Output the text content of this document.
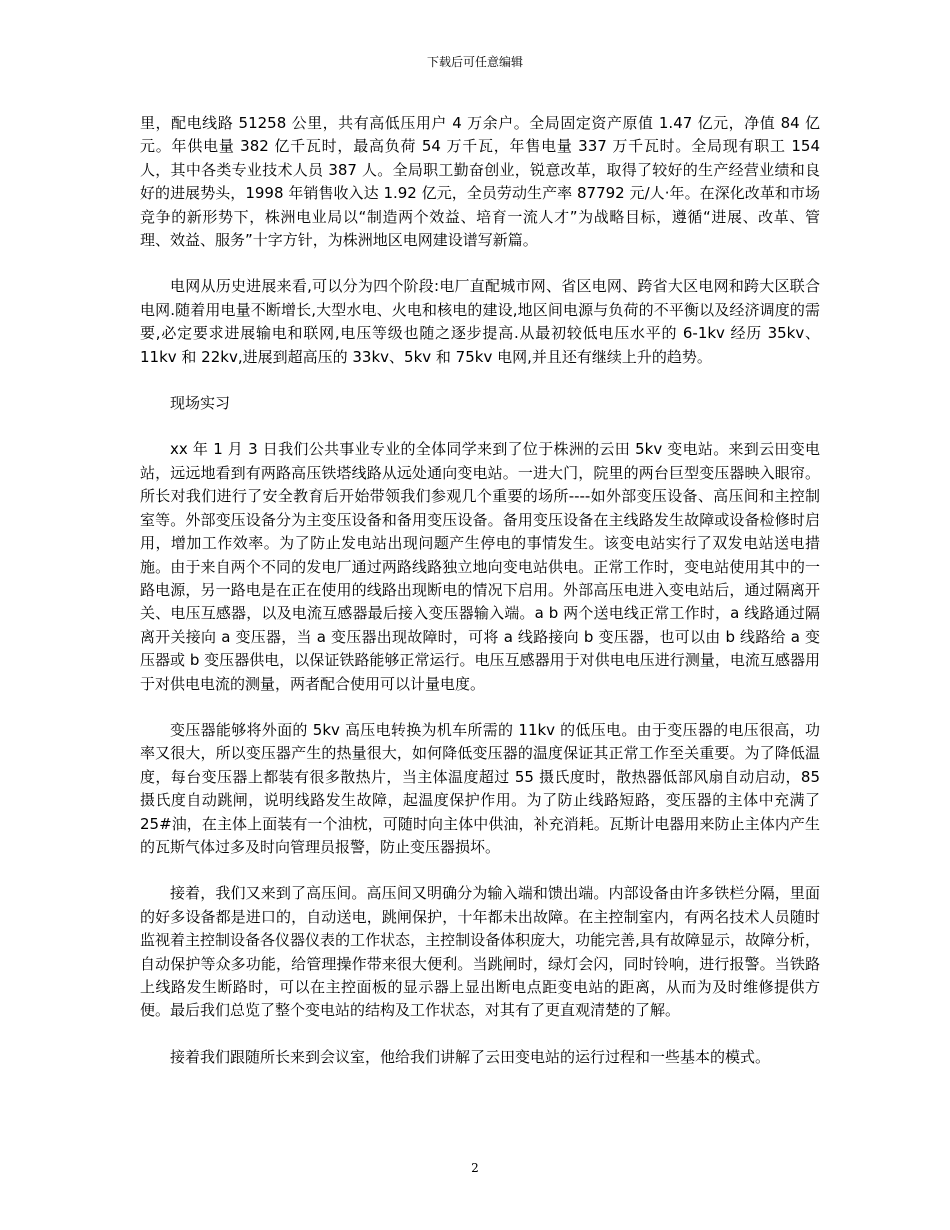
下载后可任意编辑

里，配电线路 51258 公里，共有高低压用户 4 万余户。全局固定资产原值 1.47 亿元，净值 84 亿元。年供电量 382 亿千瓦时，最高负荷 54 万千瓦，年售电量 337 万千瓦时。全局现有职工 154 人，其中各类专业技术人员 387 人。全局职工勤奋创业，锐意改革，取得了较好的生产经营业绩和良好的进展势头，1998 年销售收入达 1.92 亿元，全员劳动生产率 87792 元/人·年。在深化改革和市场竞争的新形势下，株洲电业局以“制造两个效益、培育一流人才”为战略目标，遵循“进展、改革、管理、效益、服务”十字方针，为株洲地区电网建设谱写新篇。

电网从历史进展来看,可以分为四个阶段:电厂直配城市网、省区电网、跨省大区电网和跨大区联合电网.随着用电量不断增长,大型水电、火电和核电的建设,地区间电源与负荷的不平衡以及经济调度的需要,必定要求进展输电和联网,电压等级也随之逐步提高.从最初较低电压水平的 6-1kv 经历 35kv、11kv 和 22kv,进展到超高压的 33kv、5kv 和 75kv 电网,并且还有继续上升的趋势。

现场实习

xx 年 1 月 3 日我们公共事业专业的全体同学来到了位于株洲的云田 5kv 变电站。来到云田变电站，远远地看到有两路高压铁塔线路从远处通向变电站。一进大门，院里的两台巨型变压器映入眼帘。所长对我们进行了安全教育后开始带领我们参观几个重要的场所----如外部变压设备、高压间和主控制室等。外部变压设备分为主变压设备和备用变压设备。备用变压设备在主线路发生故障或设备检修时启用，增加工作效率。为了防止发电站出现问题产生停电的事情发生。该变电站实行了双发电站送电措施。由于来自两个不同的发电厂通过两路线路独立地向变电站供电。正常工作时，变电站使用其中的一路电源，另一路电是在正在使用的线路出现断电的情况下启用。外部高压电进入变电站后，通过隔离开关、电压互感器，以及电流互感器最后接入变压器输入端。a b 两个送电线正常工作时，a 线路通过隔离开关接向 a 变压器，当 a 变压器出现故障时，可将 a 线路接向 b 变压器，也可以由 b 线路给 a 变压器或 b 变压器供电，以保证铁路能够正常运行。电压互感器用于对供电电压进行测量，电流互感器用于对供电电流的测量，两者配合使用可以计量电度。

变压器能够将外面的 5kv 高压电转换为机车所需的 11kv 的低压电。由于变压器的电压很高，功率又很大，所以变压器产生的热量很大，如何降低变压器的温度保证其正常工作至关重要。为了降低温度，每台变压器上都装有很多散热片，当主体温度超过 55 摄氏度时，散热器低部风扇自动启动，85 摄氏度自动跳闸，说明线路发生故障，起温度保护作用。为了防止线路短路，变压器的主体中充满了 25#油，在主体上面装有一个油枕，可随时向主体中供油，补充消耗。瓦斯计电器用来防止主体内产生的瓦斯气体过多及时向管理员报警，防止变压器损坏。

接着，我们又来到了高压间。高压间又明确分为输入端和馈出端。内部设备由许多铁栏分隔，里面的好多设备都是进口的，自动送电，跳闸保护，十年都未出故障。在主控制室内，有两名技术人员随时监视着主控制设备各仪器仪表的工作状态，主控制设备体积庞大，功能完善,具有故障显示，故障分析，自动保护等众多功能，给管理操作带来很大便利。当跳闸时，绿灯会闪，同时铃响，进行报警。当铁路上线路发生断路时，可以在主控面板的显示器上显出断电点距变电站的距离，从而为及时维修提供方便。最后我们总览了整个变电站的结构及工作状态，对其有了更直观清楚的了解。

接着我们跟随所长来到会议室，他给我们讲解了云田变电站的运行过程和一些基本的模式。

2
